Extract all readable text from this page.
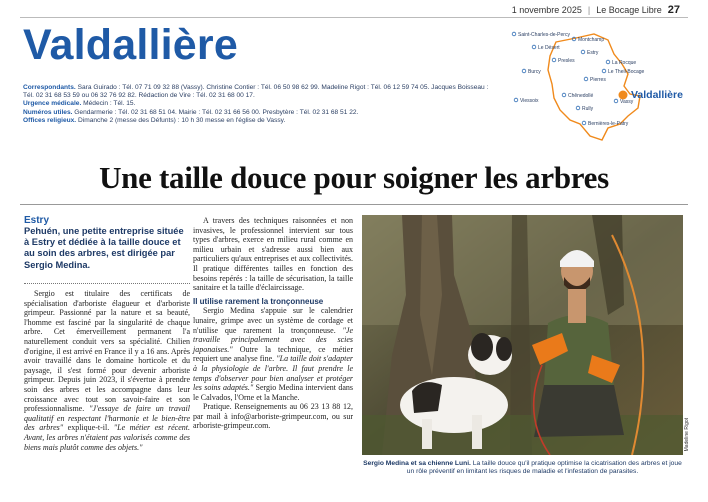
1 novembre 2025 | Le Bocage Libre 27
Valdallière
Correspondants. Sara Guirado : Tél. 07 71 09 32 88 (Vassy). Christine Contier : Tél. 06 50 98 62 99. Madeline Rigot : Tél. 06 12 59 74 05. Jacques Boisseau : Tél. 02 31 68 53 59 ou 06 32 76 92 82. Rédaction de Vire : Tél. 02 31 68 00 17.
Urgence médicale. Médecin : Tél. 15.
Numéros utiles. Gendarmerie : Tél. 02 31 68 51 04. Mairie : Tél. 02 31 66 56 00. Presbytère : Tél. 02 31 68 51 22.
Offices religieux. Dimanche 2 (messe des Défunts) : 10 h 30 messe en l'église de Vassy.
Saint-Charles-de-Percy
Montchamp
Le Désert
Estry
Presles	La Rocque
Le Theil-Bocage
Burcy
Pierres
Viessoix
Chênedollé
Vassy
Rully
Bernières-le-Patry
Valdallière
Une taille douce pour soigner les arbres
Estry
Pehuén, une petite entreprise située à Estry et dédiée à la taille douce et au soin des arbres, est dirigée par Sergio Medina.

Sergio est titulaire des certificats de spécialisation d'arboriste élagueur et d'arboriste grimpeur. Passionné par la nature et sa beauté, l'homme est fasciné par la singularité de chaque arbre. Cet émerveillement permanent l'a naturellement conduit vers sa spécialité. Chilien d'origine, il est arrivé en France il y a 16 ans. Après avoir travaillé dans le domaine horticole et du paysage, il s'est formé pour devenir arboriste grimpeur. Depuis juin 2023, il s'évertue à prendre soin des arbres et les accompagne dans leur croissance avec tout son savoir-faire et son professionnalisme. "J'essaye de faire un travail qualitatif en respectant l'harmonie et le bien-être des arbres" explique-t-il. "Le métier est récent. Avant, les arbres n'étaient pas valorisés comme des biens mais plutôt comme des objets."

A travers des techniques raisonnées et non invasives, le professionnel intervient sur tous types d'arbres, exerce en milieu rural comme en milieu urbain et s'adresse aussi bien aux particuliers qu'aux entreprises et aux collectivités. Il pratique différentes tailles en fonction des besoins repérés : la taille de sécurisation, la taille sanitaire et la taille d'éclaircissage.

Il utilise rarement la tronçonneuse

Sergio Medina s'appuie sur le calendrier lunaire, grimpe avec un système de cordage et n'utilise que rarement la tronçonneuse. "Je travaille principalement avec des scies japonaises." Outre la technique, ce métier requiert une analyse fine. "La taille doit s'adapter à la physiologie de l'arbre. Il faut prendre le temps d'observer pour bien analyser et protéger les soins adaptés." Sergio Medina intervient dans le Calvados, l'Orne et la Manche.

Pratique. Renseignements au 06 23 13 88 12, par mail à info@arboriste-grimpeur.com, ou sur arboriste-grimpeur.com.	Madeline Rigot
Sergio Medina et sa chienne Luni. La taille douce qu'il pratique optimise la cicatrisation des arbres et joue un rôle préventif en limitant les risques de maladie et l'infestation de parasites.
